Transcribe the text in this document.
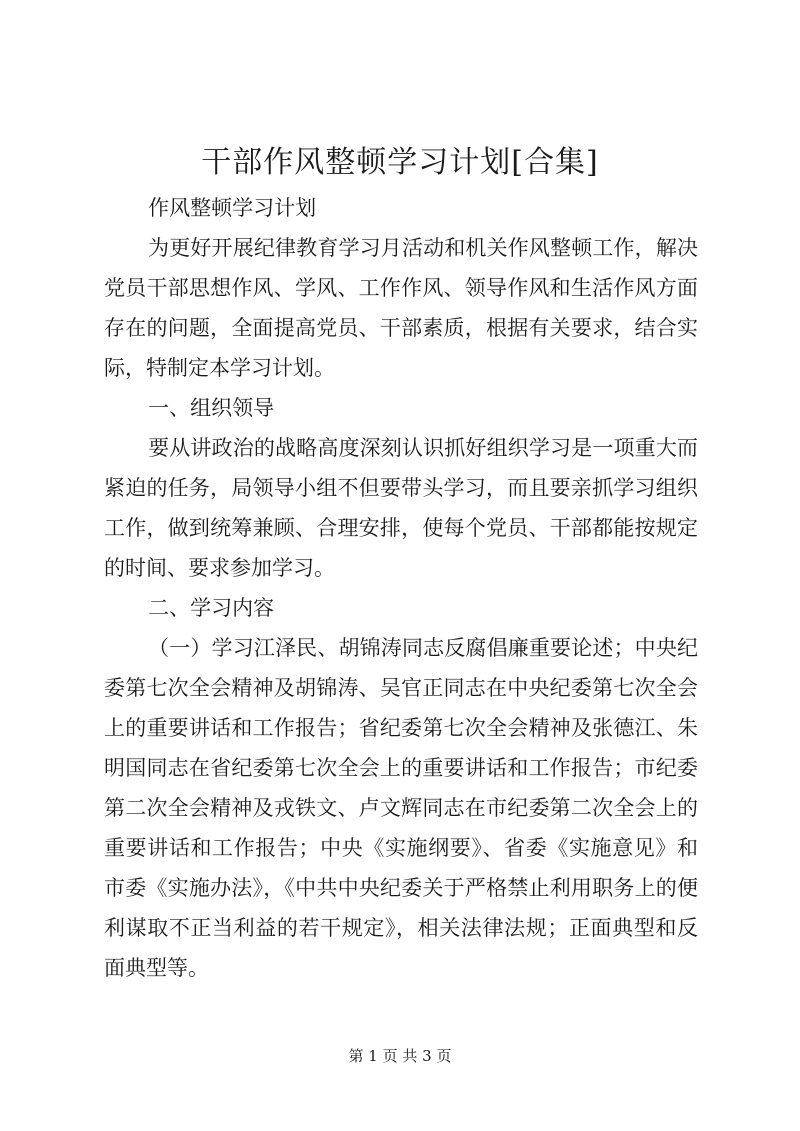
干部作风整顿学习计划[合集]

作风整顿学习计划

为更好开展纪律教育学习月活动和机关作风整顿工作，解决党员干部思想作风、学风、工作作风、领导作风和生活作风方面存在的问题，全面提高党员、干部素质，根据有关要求，结合实际，特制定本学习计划。

一、组织领导

要从讲政治的战略高度深刻认识抓好组织学习是一项重大而紧迫的任务，局领导小组不但要带头学习，而且要亲抓学习组织工作，做到统筹兼顾、合理安排，使每个党员、干部都能按规定的时间、要求参加学习。

二、学习内容

（一）学习江泽民、胡锦涛同志反腐倡廉重要论述；中央纪委第七次全会精神及胡锦涛、吴官正同志在中央纪委第七次全会上的重要讲话和工作报告；省纪委第七次全会精神及张德江、朱明国同志在省纪委第七次全会上的重要讲话和工作报告；市纪委第二次全会精神及戎铁文、卢文辉同志在市纪委第二次全会上的重要讲话和工作报告；中央《实施纲要》、省委《实施意见》和市委《实施办法》，《中共中央纪委关于严格禁止利用职务上的便利谋取不正当利益的若干规定》，相关法律法规；正面典型和反面典型等。

第 1 页 共 3 页
